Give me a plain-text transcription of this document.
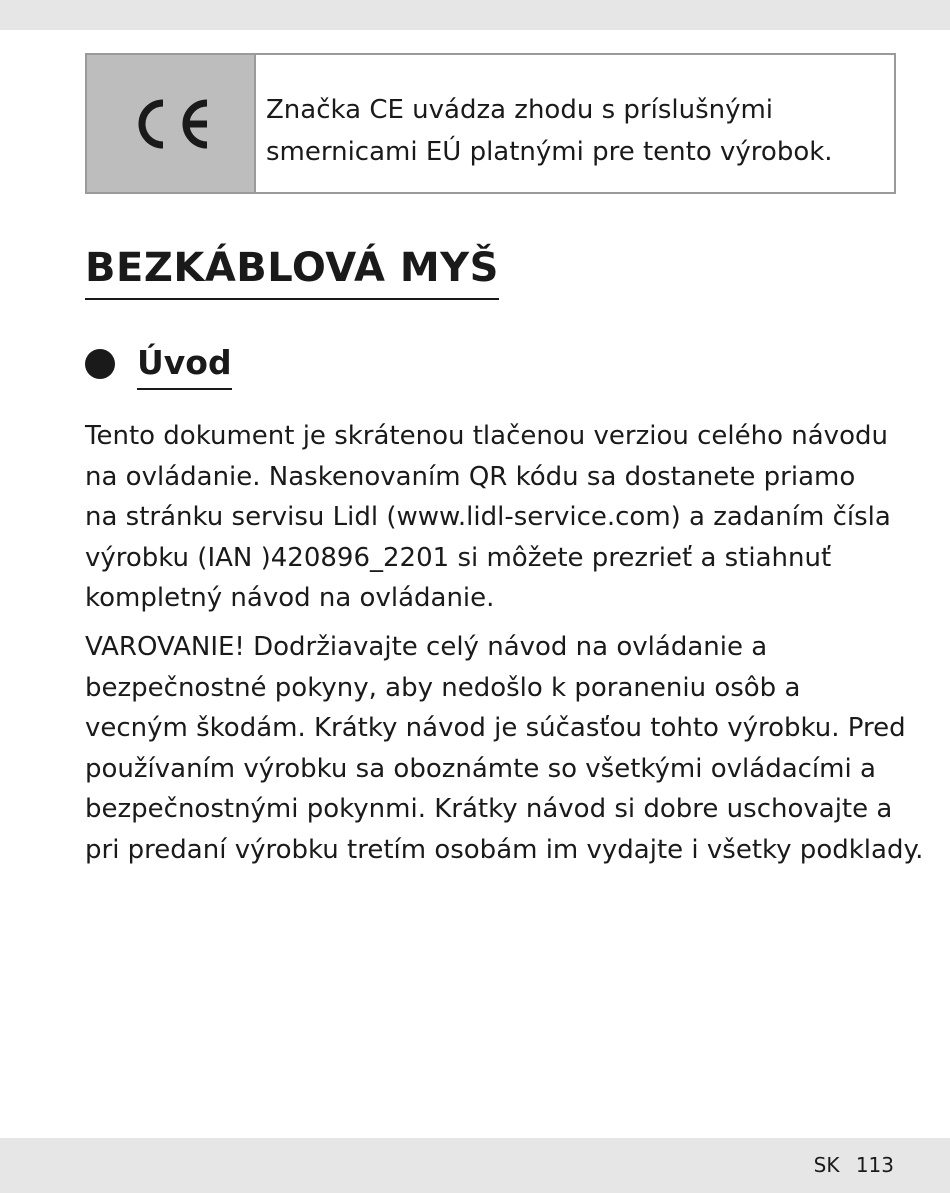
Značka CE uvádza zhodu s príslušnými
smernicami EÚ platnými pre tento výrobok.
BEZKÁBLOVÁ MYŠ
Úvod

Tento dokument je skrátenou tlačenou verziou celého návodu
na ovládanie. Naskenovaním QR kódu sa dostanete priamo
na stránku servisu Lidl (www.lidl-service.com) a zadaním čísla
výrobku (IAN )420896_2201 si môžete prezrieť a stiahnuť
kompletný návod na ovládanie.

VAROVANIE! Dodržiavajte celý návod na ovládanie a
bezpečnostné pokyny, aby nedošlo k poraneniu osôb a
vecným škodám. Krátky návod je súčasťou tohto výrobku. Pred
používaním výrobku sa oboznámte so všetkými ovládacími a
bezpečnostnými pokynmi. Krátky návod si dobre uschovajte a
pri predaní výrobku tretím osobám im vydajte i všetky podklady.

SK 113
